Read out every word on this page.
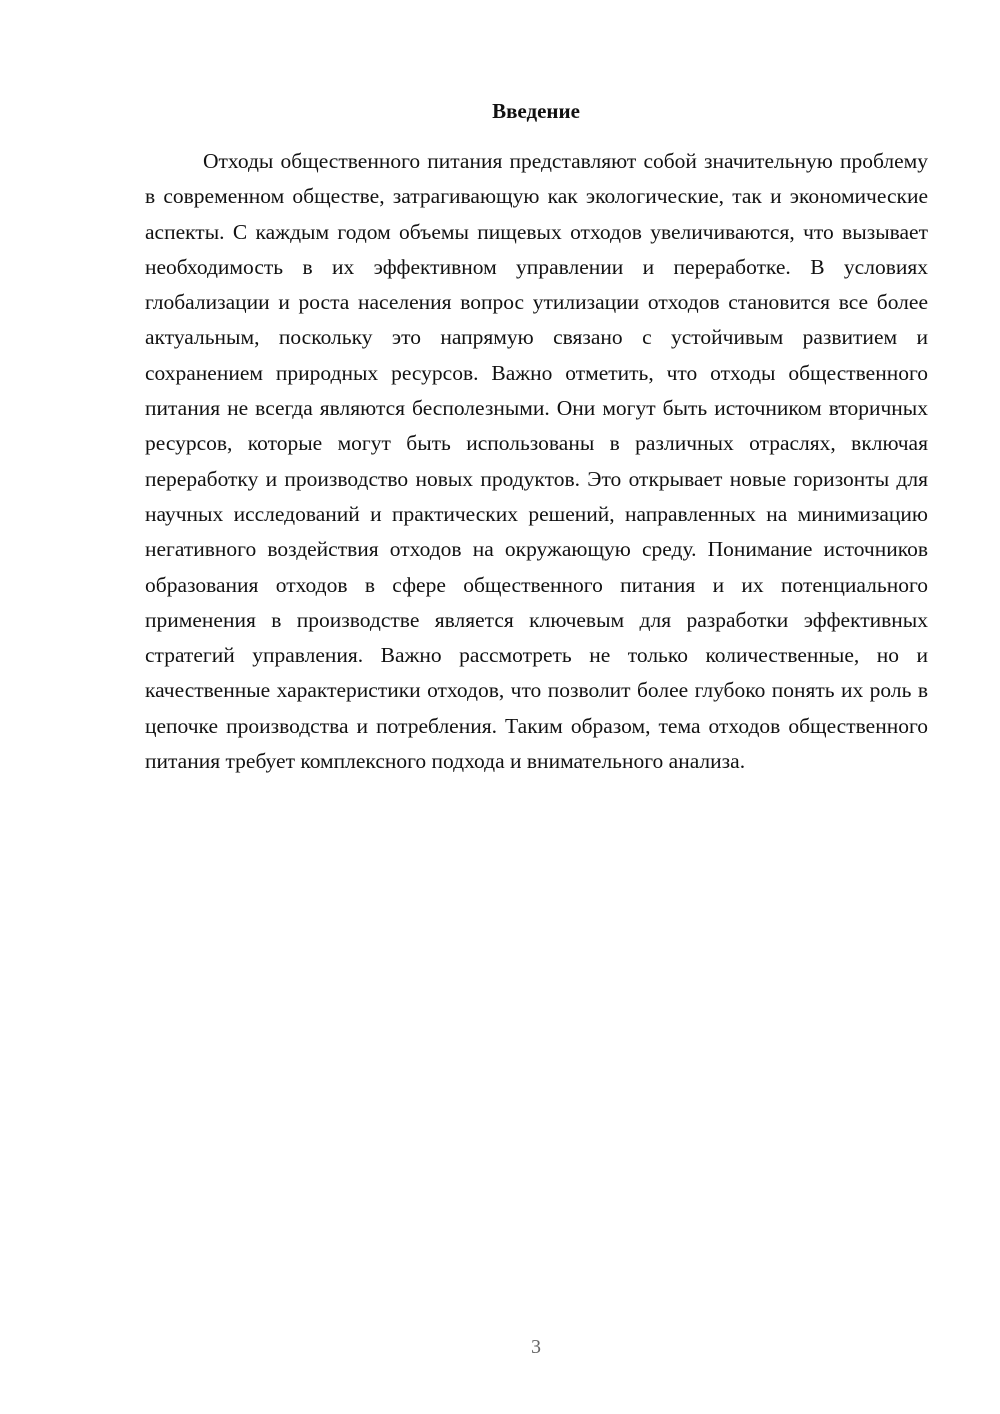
Введение

Отходы общественного питания представляют собой значительную проблему в современном обществе, затрагивающую как экологические, так и экономические аспекты. С каждым годом объемы пищевых отходов увеличиваются, что вызывает необходимость в их эффективном управлении и переработке. В условиях глобализации и роста населения вопрос утилизации отходов становится все более актуальным, поскольку это напрямую связано с устойчивым развитием и сохранением природных ресурсов. Важно отметить, что отходы общественного питания не всегда являются бесполезными. Они могут быть источником вторичных ресурсов, которые могут быть использованы в различных отраслях, включая переработку и производство новых продуктов. Это открывает новые горизонты для научных исследований и практических решений, направленных на минимизацию негативного воздействия отходов на окружающую среду. Понимание источников образования отходов в сфере общественного питания и их потенциального применения в производстве является ключевым для разработки эффективных стратегий управления. Важно рассмотреть не только количественные, но и качественные характеристики отходов, что позволит более глубоко понять их роль в цепочке производства и потребления. Таким образом, тема отходов общественного питания требует комплексного подхода и внимательного анализа.

3
